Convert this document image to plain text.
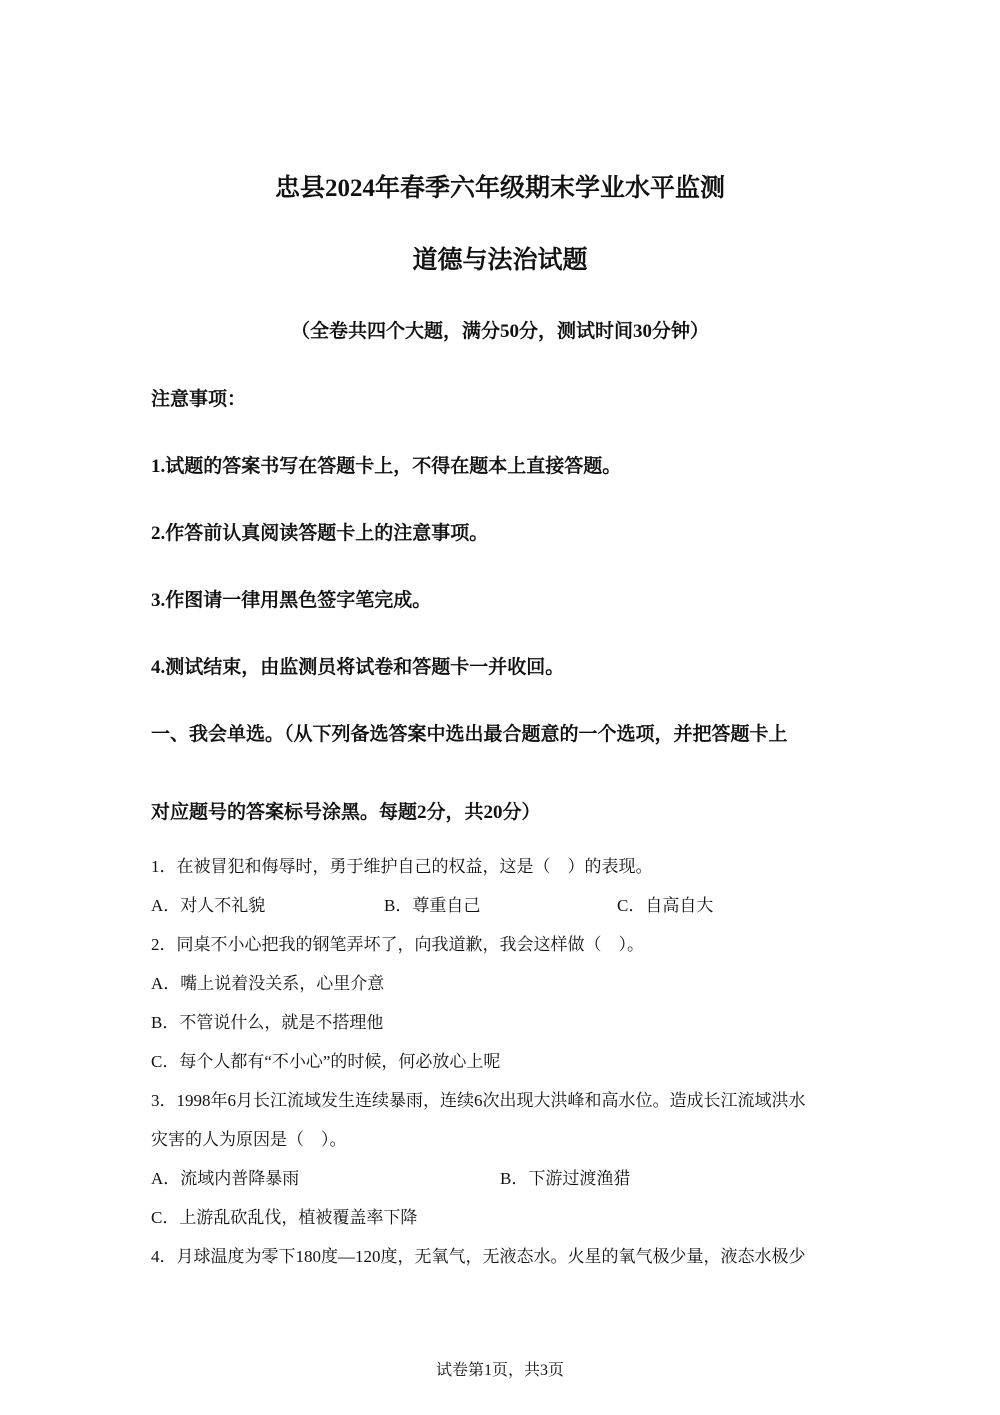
忠县2024年春季六年级期末学业水平监测
道德与法治试题
（全卷共四个大题，满分50分，测试时间30分钟）
注意事项：
1.试题的答案书写在答题卡上，不得在题本上直接答题。
2.作答前认真阅读答题卡上的注意事项。
3.作图请一律用黑色签字笔完成。
4.测试结束，由监测员将试卷和答题卡一并收回。
一、我会单选。（从下列备选答案中选出最合题意的一个选项，并把答题卡上
对应题号的答案标号涂黑。每题2分，共20分）
1．在被冒犯和侮辱时，勇于维护自己的权益，这是（　）的表现。
A．对人不礼貌	B．尊重自己	C．自高自大
2．同桌不小心把我的钢笔弄坏了，向我道歉，我会这样做（　）。
A．嘴上说着没关系，心里介意
B．不管说什么，就是不搭理他
C．每个人都有“不小心”的时候，何必放心上呢
3．1998年6月长江流域发生连续暴雨，连续6次出现大洪峰和高水位。造成长江流域洪水
灾害的人为原因是（　）。
A．流域内普降暴雨	B．下游过渡渔猎
C．上游乱砍乱伐，植被覆盖率下降
4．月球温度为零下180度—120度，无氧气，无液态水。火星的氧气极少量，液态水极少
试卷第1页，共3页
